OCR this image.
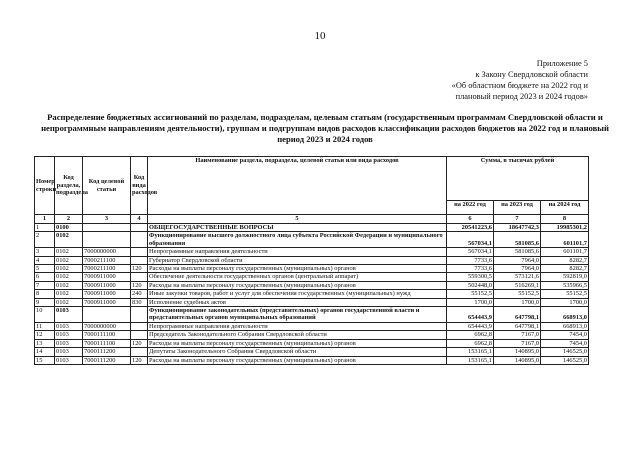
10
Приложение 5
к Закону Свердловской области
«Об областном бюджете на 2022 год и
плановый период 2023 и 2024 годов»
Распределение бюджетных ассигнований по разделам, подразделам, целевым статьям (государственным программам Свердловской области и непрограммным направлениям деятельности), группам и подгруппам видов расходов классификации расходов бюджетов на 2022 год и плановый период 2023 и 2024 годов
Номер строки	Код раздела, подраздела	Код целевой статьи	Код вида расходов	Наименование раздела, подраздела, целевой статьи или вида расходов	Сумма, в тысячах рублей		
					на 2022 год	на 2023 год	на 2024 год
1	2	3	4	5	6	7	8
1	0100			ОБЩЕГОСУДАРСТВЕННЫЕ ВОПРОСЫ	20541223,6	18647742,3	19985301,2
2	0102			Функционирование высшего должностного лица субъекта Российской Федерации и муниципального образования	567034,1	581085,6	601101,7
3	0102	7000000000		Непрограммные направления деятельности	567034,1	581085,6	601101,7
4	0102	7000211100		Губернатор Свердловской области	7733,6	7964,0	8282,7
5	0102	7000211100	120	Расходы на выплаты персоналу государственных (муниципальных) органов	7733,6	7964,0	8282,7
6	0102	7000911000		Обеспечение деятельности государственных органов (центральный аппарат)	559300,5	573121,6	592819,0
7	0102	7000911000	120	Расходы на выплаты персоналу государственных (муниципальных) органов	502448,0	516269,1	535966,5
8	0102	7000911000	240	Иные закупки товаров, работ и услуг для обеспечения государственных (муниципальных) нужд	55152,5	55152,5	55152,5
9	0102	7000911000	830	Исполнение судебных актов	1700,0	1700,0	1700,0
10	0103			Функционирование законодательных (представительных) органов государственной власти и представительных органов муниципальных образований	654443,9	647798,1	668913,0
11	0103	7000000000		Непрограммные направления деятельности	654443,9	647798,1	668913,0
12	0103	7000111100		Председатель Законодательного Собрания Свердловской области	6962,8	7167,0	7454,0
13	0103	7000111100	120	Расходы на выплаты персоналу государственных (муниципальных) органов	6962,8	7167,0	7454,0
14	0103	7000111200		Депутаты Законодательного Собрания Свердловской области	153165,1	140895,0	146525,0
15	0103	7000111200	120	Расходы на выплаты персоналу государственных (муниципальных) органов	153165,1	140895,0	146525,0
